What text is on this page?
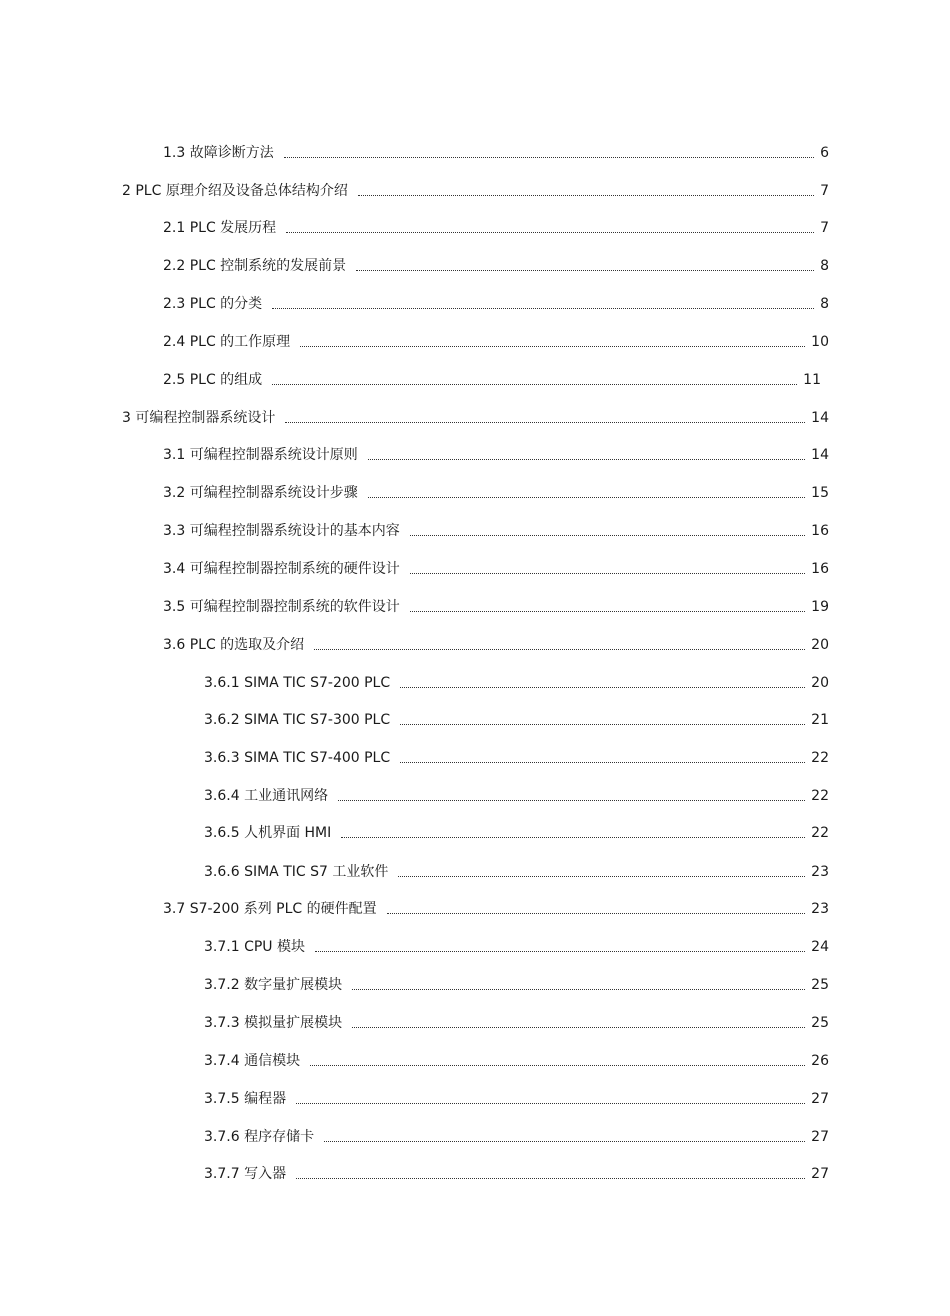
1.3 故障诊断方法	6
2 PLC 原理介绍及设备总体结构介绍	7
2.1 PLC 发展历程	7
2.2 PLC 控制系统的发展前景	8
2.3 PLC 的分类	8
2.4 PLC 的工作原理	10
2.5 PLC 的组成	11
3 可编程控制器系统设计	14
3.1 可编程控制器系统设计原则	14
3.2 可编程控制器系统设计步骤	15
3.3 可编程控制器系统设计的基本内容	16
3.4 可编程控制器控制系统的硬件设计	16
3.5 可编程控制器控制系统的软件设计	19
3.6 PLC 的选取及介绍	20
3.6.1 SIMA TIC S7-200 PLC	20
3.6.2 SIMA TIC S7-300 PLC	21
3.6.3 SIMA TIC S7-400 PLC	22
3.6.4 工业通讯网络	22
3.6.5 人机界面 HMI	22
3.6.6 SIMA TIC S7 工业软件	23
3.7 S7-200 系列 PLC 的硬件配置	23
3.7.1 CPU 模块	24
3.7.2 数字量扩展模块	25
3.7.3 模拟量扩展模块	25
3.7.4 通信模块	26
3.7.5 编程器	27
3.7.6 程序存储卡	27
3.7.7 写入器	27
